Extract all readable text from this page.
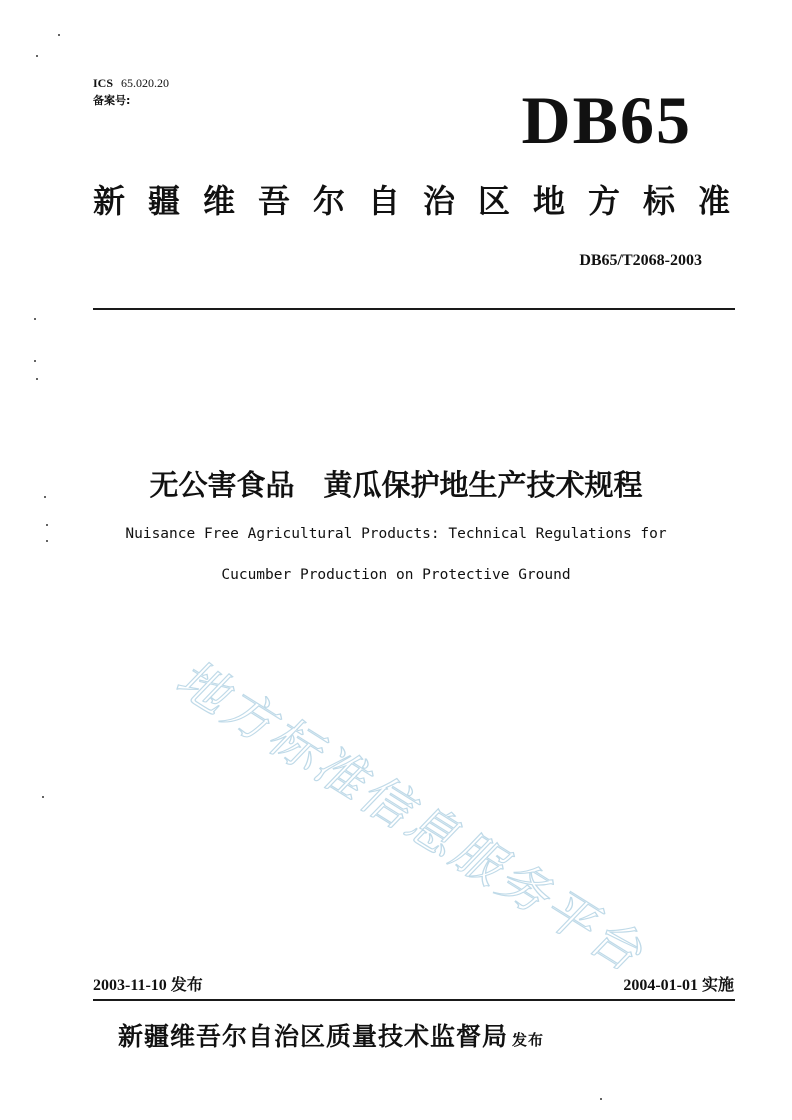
ICS 65.020.20
备案号:	DB65
新疆维吾尔自治区地方标准
DB65/T2068-2003
无公害食品　黄瓜保护地生产技术规程
Nuisance Free Agricultural Products: Technical Regulations for
Cucumber Production on Protective Ground
地方标准信息服务平台
2003-11-10 发布	2004-01-01 实施
新疆维吾尔自治区质量技术监督局 发布
